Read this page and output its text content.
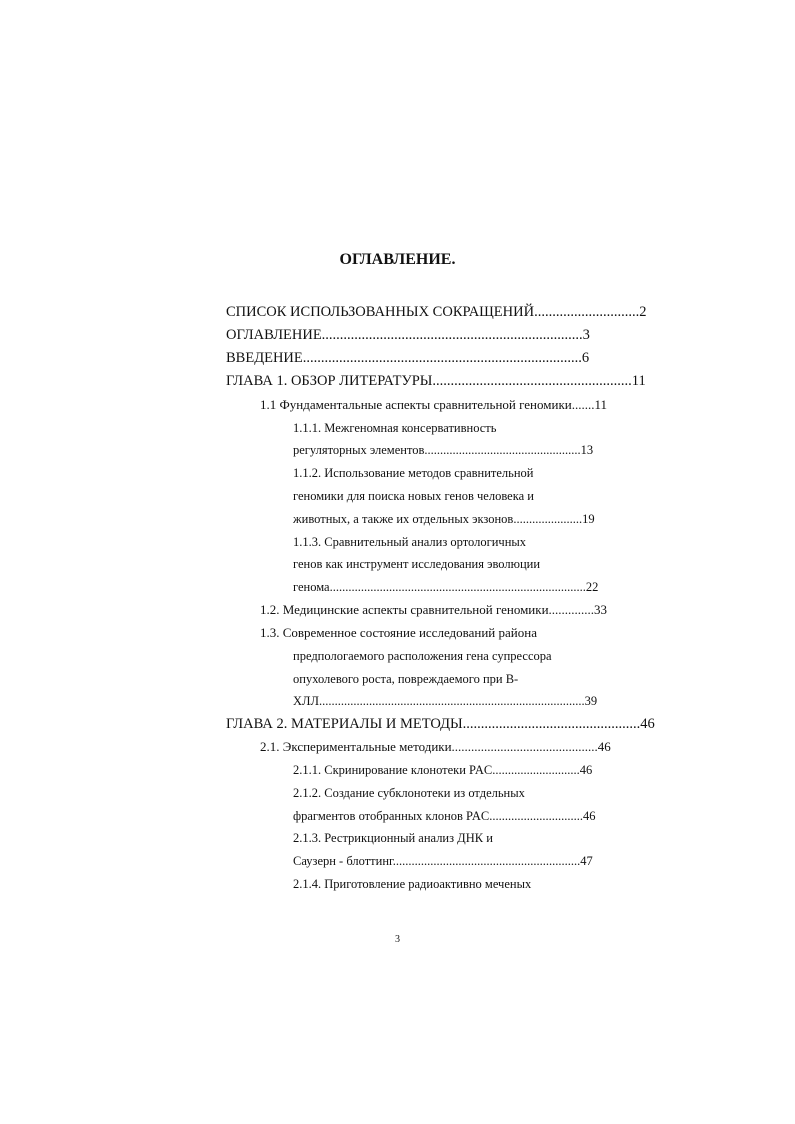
ОГЛАВЛЕНИЕ.
СПИСОК ИСПОЛЬЗОВАННЫХ СОКРАЩЕНИЙ.............................2
ОГЛАВЛЕНИЕ........................................................................3
ВВЕДЕНИЕ.............................................................................6
ГЛАВА 1. ОБЗОР ЛИТЕРАТУРЫ.......................................................11
1.1 Фундаментальные аспекты сравнительной геномики.......11
1.1.1. Межгеномная консервативность
регуляторных элементов..................................................13
1.1.2. Использование методов сравнительной
геномики для поиска новых генов человека и
животных, а также их отдельных экзонов......................19
1.1.3. Сравнительный анализ ортологичных
генов как инструмент исследования эволюции
генома..................................................................................22
1.2. Медицинские аспекты сравнительной геномики..............33
1.3. Современное состояние исследований района
предпологаемого расположения гена супрессора
опухолевого роста, повреждаемого при В-
ХЛЛ.....................................................................................39
ГЛАВА 2. МАТЕРИАЛЫ И МЕТОДЫ.................................................46
2.1. Экспериментальные методики.............................................46
2.1.1. Скринирование клонотеки PAC............................46
2.1.2. Создание субклонотеки из отдельных
фрагментов отобранных клонов PAC..............................46
2.1.3. Рестрикционный анализ ДНК и
Саузерн - блоттинг............................................................47
2.1.4. Приготовление радиоактивно меченых
3
